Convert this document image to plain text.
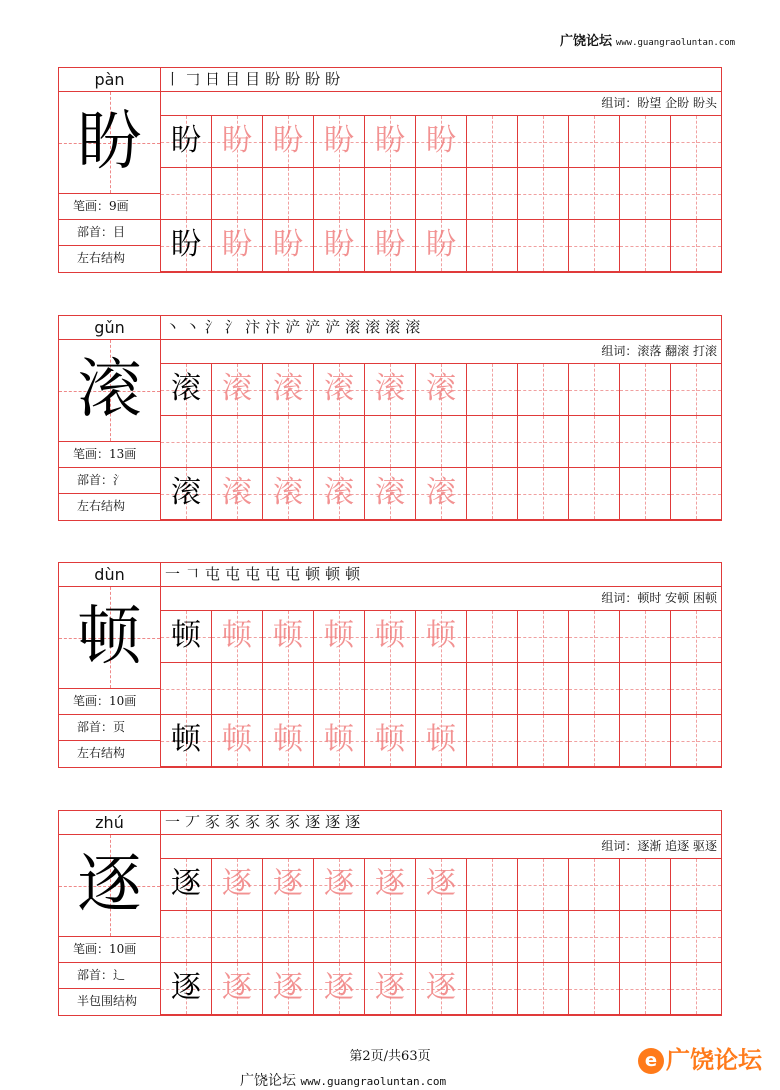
广饶论坛 www.guangraoluntan.com
pàn
盼
笔画：9画
部首：目
左右结构
丨 𠃌 日 目 目 盼 盼 盼 盼
组词：盼望 企盼 盼头
盼 盼 盼 盼 盼 盼
盼 盼 盼 盼 盼 盼
gǔn
滚
笔画：13画
部首：氵
左右结构
丶 丶 氵 氵 汴 汴 浐 浐 浐 滚 滚 滚 滚
组词：滚落 翻滚 打滚
滚 滚 滚 滚 滚 滚
滚 滚 滚 滚 滚 滚
dùn
顿
笔画：10画
部首：页
左右结构
一 𠃍 屯 屯 屯 屯 屯 顿 顿 顿
组词：顿时 安顿 困顿
顿 顿 顿 顿 顿 顿
顿 顿 顿 顿 顿 顿
zhú
逐
笔画：10画
部首：辶
半包围结构
一 丆 豕 豕 豕 豕 豕 逐 逐 逐
组词：逐渐 追逐 驱逐
逐 逐 逐 逐 逐 逐
逐 逐 逐 逐 逐 逐
第2页/共63页
广饶论坛 www.guangraoluntan.com
e 广饶论坛
